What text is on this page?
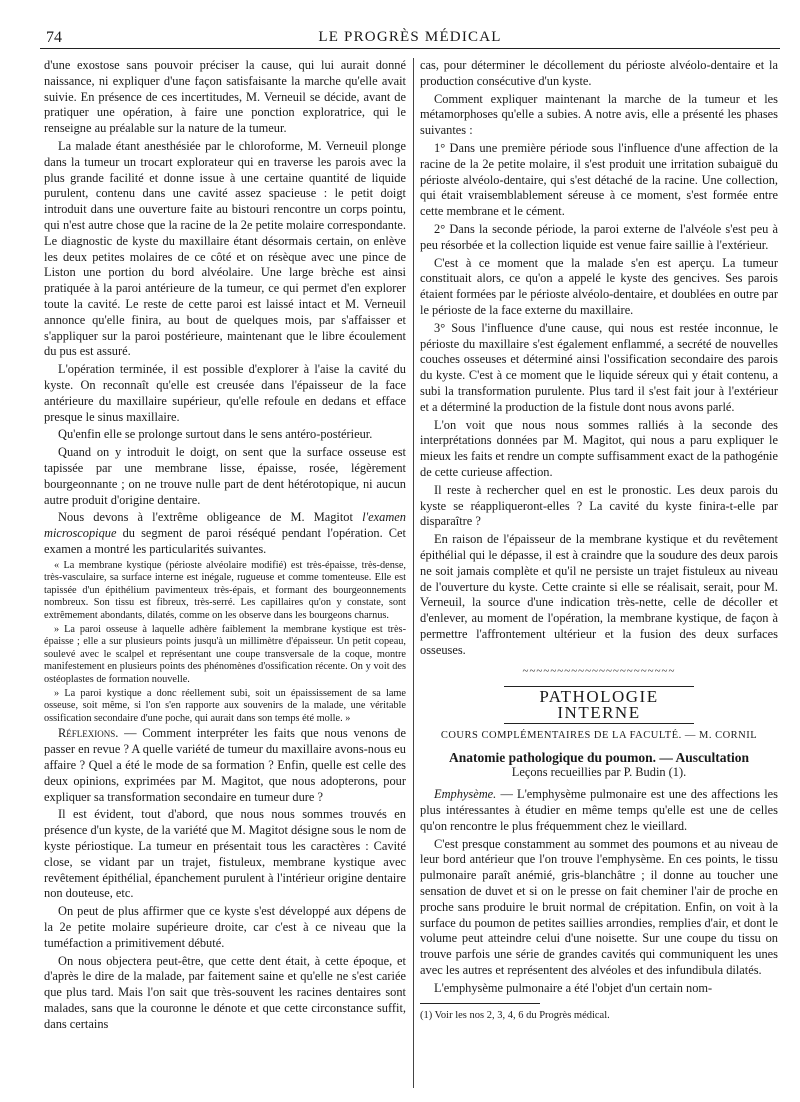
74	LE PROGRÈS MÉDICAL

d'une exostose sans pouvoir préciser la cause, qui lui aurait donné naissance, ni expliquer d'une façon satisfaisante la marche qu'elle avait suivie. En présence de ces incertitudes, M. Verneuil se décide, avant de pratiquer une opération, à faire une ponction exploratrice, qui le renseigne au préalable sur la nature de la tumeur.

La malade étant anesthésiée par le chloroforme, M. Verneuil plonge dans la tumeur un trocart explorateur qui en traverse les parois avec la plus grande facilité et donne issue à une certaine quantité de liquide purulent, contenu dans une cavité assez spacieuse : le petit doigt introduit dans une ouverture faite au bistouri rencontre un corps pointu, qui n'est autre chose que la racine de la 2e petite molaire correspondante. Le diagnostic de kyste du maxillaire étant désormais certain, on enlève les deux petites molaires de ce côté et on résèque avec une pince de Liston une portion du bord alvéolaire. Une large brèche est ainsi pratiquée à la paroi antérieure de la tumeur, ce qui permet d'en explorer toute la cavité. Le reste de cette paroi est laissé intact et M. Verneuil annonce qu'elle finira, au bout de quelques mois, par s'affaisser et s'appliquer sur la paroi postérieure, maintenant que le libre écoulement du pus est assuré.

L'opération terminée, il est possible d'explorer à l'aise la cavité du kyste. On reconnaît qu'elle est creusée dans l'épaisseur de la face antérieure du maxillaire supérieur, qu'elle refoule en dedans et efface presque le sinus maxillaire.

Qu'enfin elle se prolonge surtout dans le sens antéro-postérieur.

Quand on y introduit le doigt, on sent que la surface osseuse est tapissée par une membrane lisse, épaisse, rosée, légèrement bourgeonnante ; on ne trouve nulle part de dent hétérotopique, ni aucun autre produit d'origine dentaire.

Nous devons à l'extrême obligeance de M. Magitot l'examen microscopique du segment de paroi réséqué pendant l'opération. Cet examen a montré les particularités suivantes.

« La membrane kystique (périoste alvéolaire modifié) est très-épaisse, très-dense, très-vasculaire, sa surface interne est inégale, rugueuse et comme tomenteuse. Elle est tapissée d'un épithélium pavimenteux très-épais, et formant des bourgeonnements nombreux. Son tissu est fibreux, très-serré. Les capillaires qu'on y constate, sont extrêmement abondants, dilatés, comme on les observe dans les bourgeons charnus.

» La paroi osseuse à laquelle adhère faiblement la membrane kystique est très-épaisse ; elle a sur plusieurs points jusqu'à un millimètre d'épaisseur. Un petit copeau, soulevé avec le scalpel et représentant une coupe transversale de la coque, montre manifestement en plusieurs points des phénomènes d'ossification récente. On y voit des ostéoplastes de formation nouvelle.

» La paroi kystique a donc réellement subi, soit un épaississement de sa lame osseuse, soit même, si l'on s'en rapporte aux souvenirs de la malade, une véritable ossification secondaire d'une poche, qui aurait dans son temps été molle. »

Réflexions. — Comment interpréter les faits que nous venons de passer en revue ? A quelle variété de tumeur du maxillaire avons-nous eu affaire ? Quel a été le mode de sa formation ? Enfin, quelle est celle des deux opinions, exprimées par M. Magitot, que nous adopterons, pour expliquer sa transformation secondaire en tumeur dure ?

Il est évident, tout d'abord, que nous nous sommes trouvés en présence d'un kyste, de la variété que M. Magitot désigne sous le nom de kyste périostique. La tumeur en présentait tous les caractères : Cavité close, se vidant par un trajet, fistuleux, membrane kystique avec revêtement épithélial, épanchement purulent à l'intérieur origine dentaire non douteuse, etc.

On peut de plus affirmer que ce kyste s'est développé aux dépens de la 2e petite molaire supérieure droite, car c'est à ce niveau que la tuméfaction a primitivement débuté.

On nous objectera peut-être, que cette dent était, à cette époque, et d'après le dire de la malade, par faitement saine et qu'elle ne s'est cariée que plus tard. Mais l'on sait que très-souvent les racines dentaires sont malades, sans que la couronne le dénote et que cette circonstance suffit, dans certains

cas, pour déterminer le décollement du périoste alvéolo-dentaire et la production consécutive d'un kyste.

Comment expliquer maintenant la marche de la tumeur et les métamorphoses qu'elle a subies. A notre avis, elle a présenté les phases suivantes :

1° Dans une première période sous l'influence d'une affection de la racine de la 2e petite molaire, il s'est produit une irritation subaiguë du périoste alvéolo-dentaire, qui s'est détaché de la racine. Une collection, qui était vraisemblablement séreuse à ce moment, s'est formée entre cette membrane et le cément.

2° Dans la seconde période, la paroi externe de l'alvéole s'est peu à peu résorbée et la collection liquide est venue faire saillie à l'extérieur.

C'est à ce moment que la malade s'en est aperçu. La tumeur constituait alors, ce qu'on a appelé le kyste des gencives. Ses parois étaient formées par le périoste alvéolo-dentaire, et doublées en outre par le périoste de la face externe du maxillaire.

3° Sous l'influence d'une cause, qui nous est restée inconnue, le périoste du maxillaire s'est également enflammé, a secrété de nouvelles couches osseuses et déterminé ainsi l'ossification secondaire des parois du kyste. C'est à ce moment que le liquide séreux qui y était contenu, a subi la transformation purulente. Plus tard il s'est fait jour à l'extérieur et a déterminé la production de la fistule dont nous avons parlé.

L'on voit que nous nous sommes ralliés à la seconde des interprétations données par M. Magitot, qui nous a paru expliquer le mieux les faits et rendre un compte suffisamment exact de la pathogénie de cette curieuse affection.

Il reste à rechercher quel en est le pronostic. Les deux parois du kyste se réappliqueront-elles ? La cavité du kyste finira-t-elle par disparaître ?

En raison de l'épaisseur de la membrane kystique et du revêtement épithélial qui le dépasse, il est à craindre que la soudure des deux parois ne soit jamais complète et qu'il ne persiste un trajet fistuleux au niveau de l'ouverture du kyste. Cette crainte si elle se réalisait, serait, pour M. Verneuil, la source d'une indication très-nette, celle de décoller et d'enlever, au moment de l'opération, la membrane kystique, de façon à permettre l'affrontement ultérieur et la fusion des deux surfaces osseuses.

~~~~~~~~~~~~~~~~~~~~~~
PATHOLOGIE INTERNE
COURS COMPLÉMENTAIRES DE LA FACULTÉ. — M. CORNIL
Anatomie pathologique du poumon. — Auscultation
Leçons recueillies par P. Budin (1).

Emphysème. — L'emphysème pulmonaire est une des affections les plus intéressantes à étudier en même temps qu'elle est une de celles qu'on rencontre le plus fréquemment chez le vieillard.

C'est presque constamment au sommet des poumons et au niveau de leur bord antérieur que l'on trouve l'emphysème. En ces points, le tissu pulmonaire paraît anémié, gris-blanchâtre ; il donne au toucher une sensation de duvet et si on le presse on fait cheminer l'air de proche en proche sans produire le bruit normal de crépitation. Enfin, on voit à la surface du poumon de petites saillies arrondies, remplies d'air, et dont le volume peut atteindre celui d'une noisette. Sur une coupe du tissu on trouve parfois une série de grandes cavités qui communiquent les unes avec les autres et représentent des alvéoles et des infundibula dilatés.

L'emphysème pulmonaire a été l'objet d'un certain nom-

(1) Voir les nos 2, 3, 4, 6 du Progrès médical.
